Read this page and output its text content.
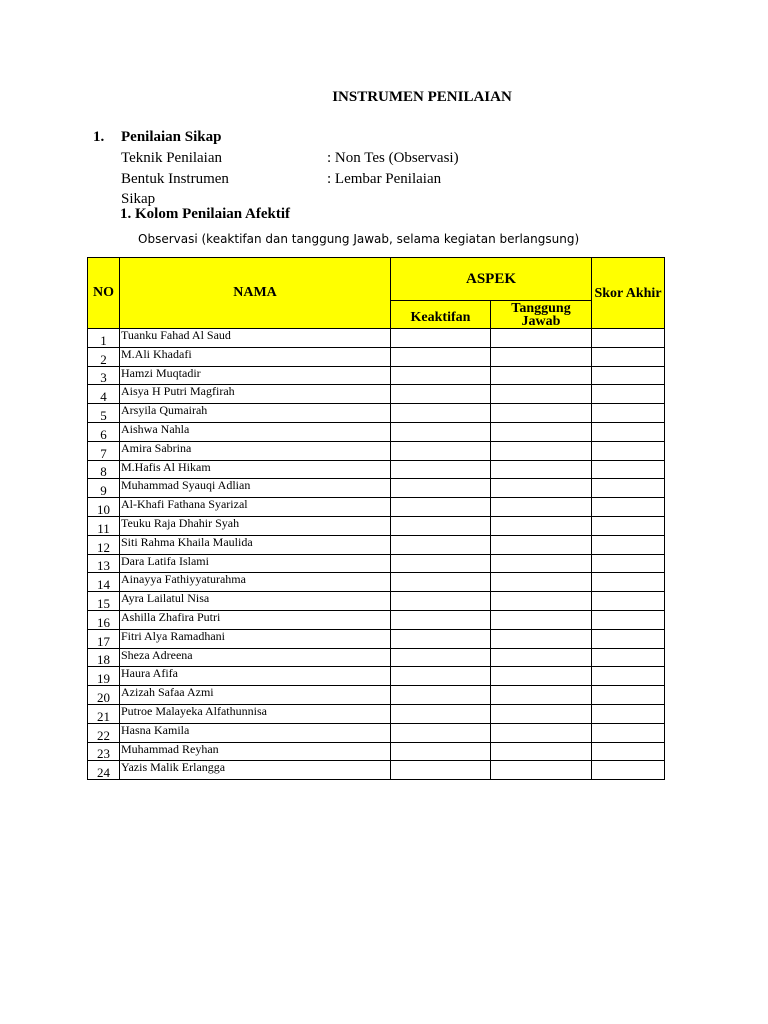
INSTRUMEN PENILAIAN
1. Penilaian Sikap
Teknik Penilaian	: Non Tes (Observasi)
Bentuk Instrumen	: Lembar Penilaian
Sikap
1. Kolom Penilaian Afektif
Observasi (keaktifan dan tanggung Jawab, selama kegiatan berlangsung)
NO	NAMA	ASPEK		Skor Akhir
		Keaktifan	Tanggung Jawab	
1	Tuanku Fahad Al Saud			
2	M.Ali Khadafi			
3	Hamzi Muqtadir			
4	Aisya H Putri Magfirah			
5	Arsyila Qumairah			
6	Aishwa Nahla			
7	Amira Sabrina			
8	M.Hafis Al Hikam			
9	Muhammad Syauqi Adlian			
10	Al-Khafi Fathana Syarizal			
11	Teuku Raja Dhahir Syah			
12	Siti Rahma Khaila Maulida			
13	Dara Latifa Islami			
14	Ainayya Fathiyyaturahma			
15	Ayra Lailatul Nisa			
16	Ashilla Zhafira Putri			
17	Fitri Alya Ramadhani			
18	Sheza Adreena			
19	Haura Afifa			
20	Azizah Safaa Azmi			
21	Putroe Malayeka Alfathunnisa			
22	Hasna Kamila			
23	Muhammad Reyhan			
24	Yazis Malik Erlangga			
